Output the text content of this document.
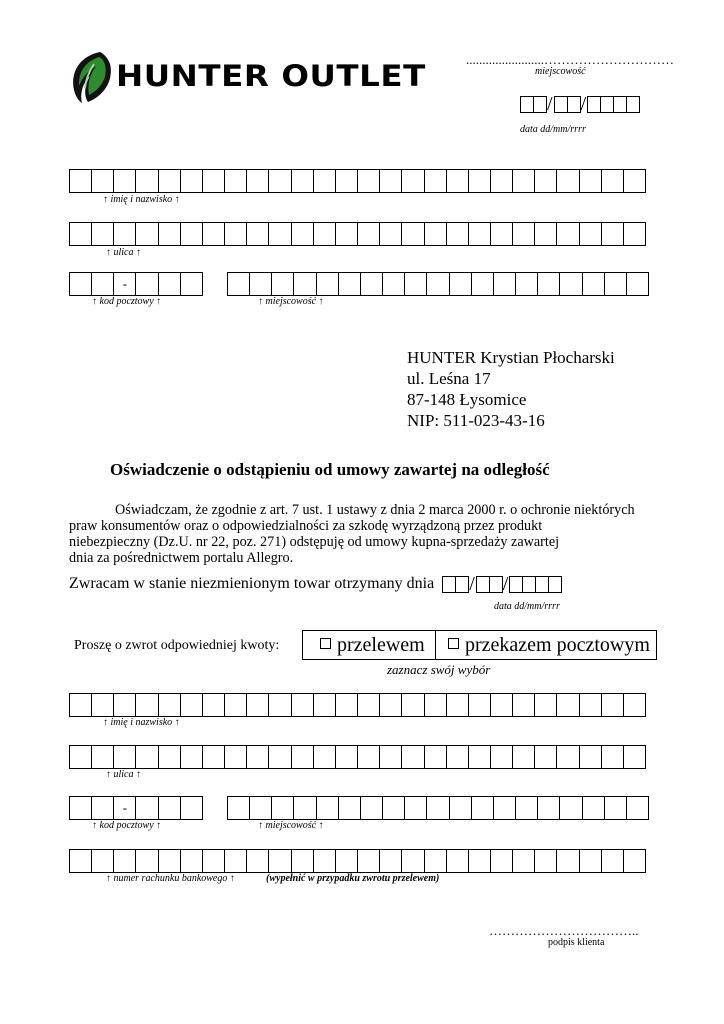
HUNTER OUTLET	........................…………………………
miejscowość
/ /
data dd/mm/rrrr
↑ imię i nazwisko ↑
↑ ulica ↑
-
↑ kod pocztowy ↑	↑ miejscowość ↑
HUNTER Krystian Płocharski
ul. Leśna 17
87-148 Łysomice
NIP: 511-023-43-16
Oświadczenie o odstąpieniu od umowy zawartej na odległość
Oświadczam, że zgodnie z art. 7 ust. 1 ustawy z dnia 2 marca 2000 r. o ochronie niektórych
praw konsumentów oraz o odpowiedzialności za szkodę wyrządzoną przez produkt
niebezpieczny (Dz.U. nr 22, poz. 271) odstępuję od umowy kupna-sprzedaży zawartej
dnia za pośrednictwem portalu Allegro.
Zwracam w stanie niezmienionym towar otrzymany dnia / /
data dd/mm/rrrr
Proszę o zwrot odpowiedniej kwoty:	przelewem przekazem pocztowym
zaznacz swój wybór
↑ imię i nazwisko ↑
↑ ulica ↑
-
↑ kod pocztowy ↑	↑ miejscowość ↑
↑ numer rachunku bankowego ↑	(wypełnić w przypadku zwrotu przelewem)
……………………………..
podpis klienta
